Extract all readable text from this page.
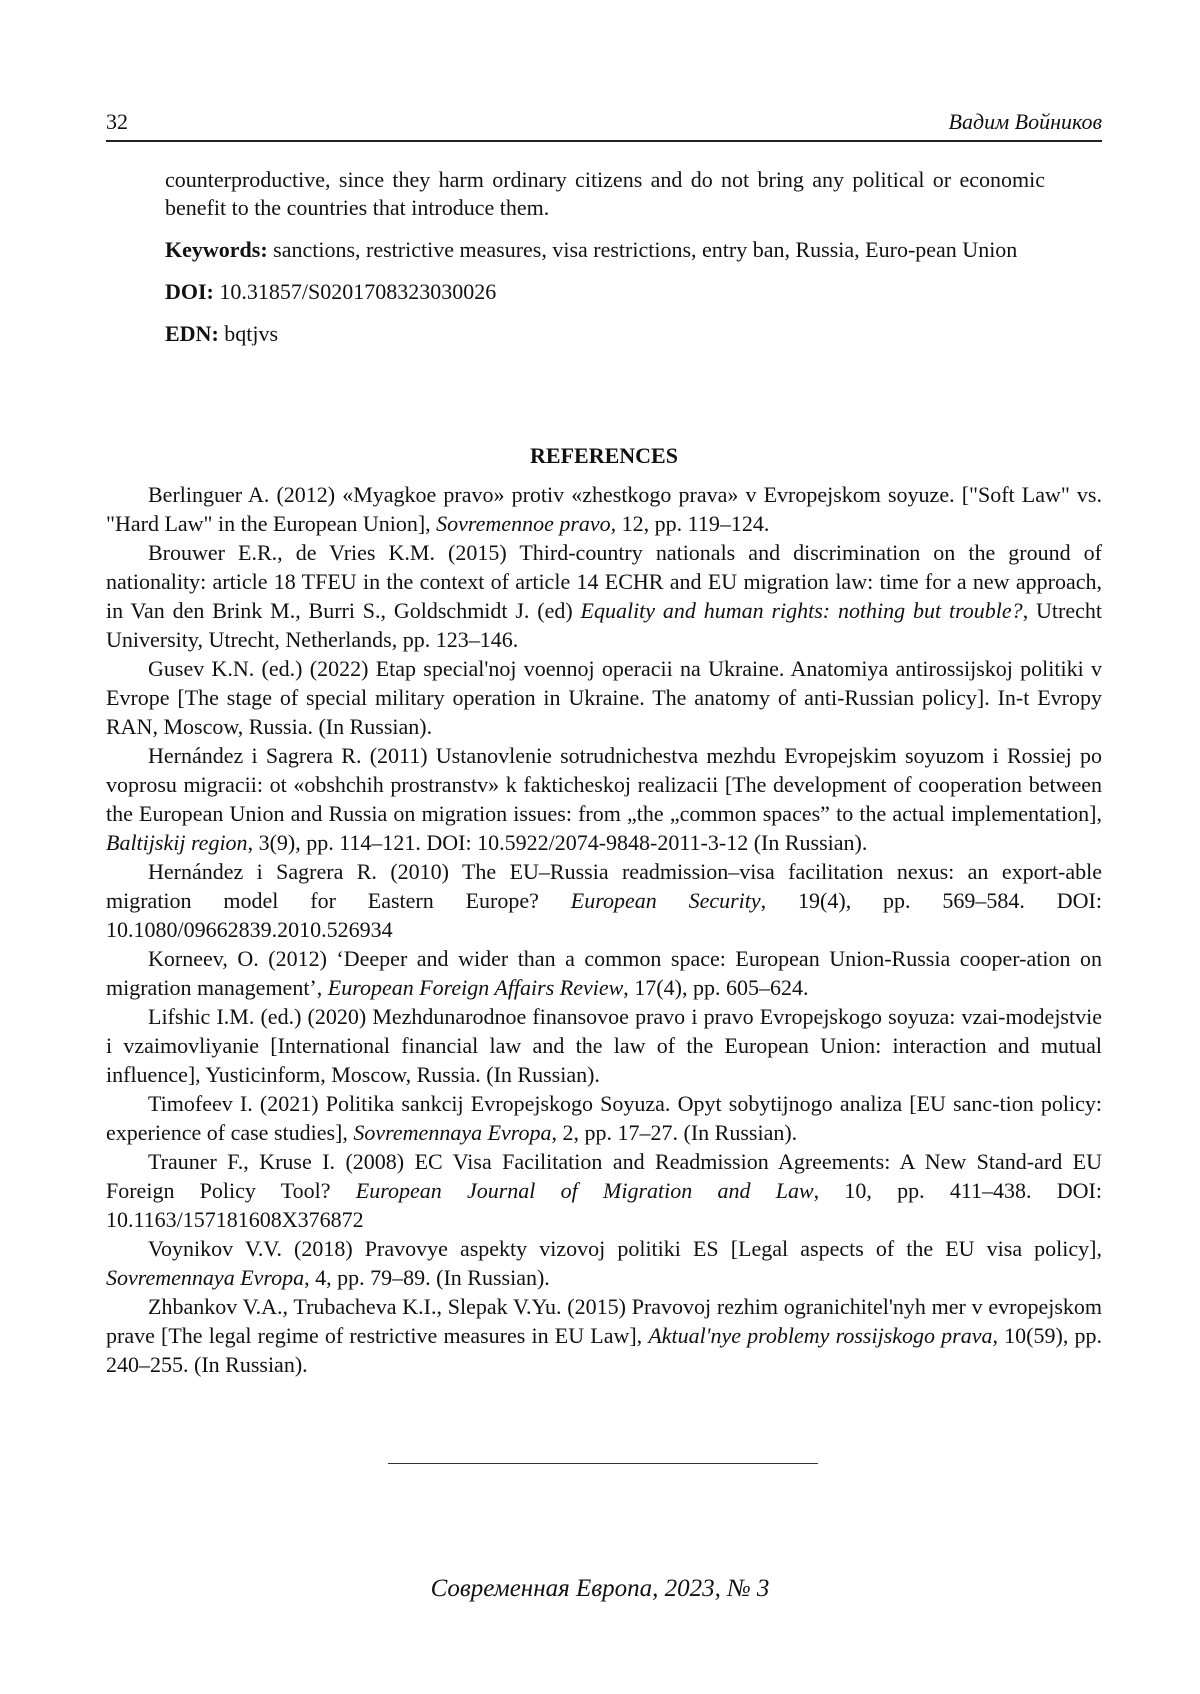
32	Вадим Войников

counterproductive, since they harm ordinary citizens and do not bring any political or economic benefit to the countries that introduce them.

Keywords: sanctions, restrictive measures, visa restrictions, entry ban, Russia, Euro-pean Union

DOI: 10.31857/S0201708323030026

EDN: bqtjvs

REFERENCES

Berlinguer A. (2012) «Myagkoe pravo» protiv «zhestkogo prava» v Evropejskom soyuze. ["Soft Law" vs. "Hard Law" in the European Union], Sovremennoe pravo, 12, pp. 119–124.

Brouwer E.R., de Vries K.M. (2015) Third-country nationals and discrimination on the ground of nationality: article 18 TFEU in the context of article 14 ECHR and EU migration law: time for a new approach, in Van den Brink M., Burri S., Goldschmidt J. (ed) Equality and human rights: nothing but trouble?, Utrecht University, Utrecht, Netherlands, pp. 123–146.

Gusev K.N. (ed.) (2022) Etap special'noj voennoj operacii na Ukraine. Anatomiya antirossijskoj politiki v Evrope [The stage of special military operation in Ukraine. The anatomy of anti-Russian policy]. In-t Evropy RAN, Moscow, Russia. (In Russian).

Hernández i Sagrera R. (2011) Ustanovlenie sotrudnichestva mezhdu Evropejskim soyuzom i Rossiej po voprosu migracii: ot «obshchih prostranstv» k fakticheskoj realizacii [The development of cooperation between the European Union and Russia on migration issues: from „the „common spaces” to the actual implementation], Baltijskij region, 3(9), pp. 114–121. DOI: 10.5922/2074-9848-2011-3-12 (In Russian).

Hernández i Sagrera R. (2010) The EU–Russia readmission–visa facilitation nexus: an export-able migration model for Eastern Europe? European Security, 19(4), pp. 569–584. DOI: 10.1080/09662839.2010.526934

Korneev, O. (2012) ‘Deeper and wider than a common space: European Union-Russia cooper-ation on migration management’, European Foreign Affairs Review, 17(4), pp. 605–624.

Lifshic I.M. (ed.) (2020) Mezhdunarodnoe finansovoe pravo i pravo Evropejskogo soyuza: vzai-modejstvie i vzaimovliyanie [International financial law and the law of the European Union: interaction and mutual influence], Yusticinform, Moscow, Russia. (In Russian).

Timofeev I. (2021) Politika sankcij Evropejskogo Soyuza. Opyt sobytijnogo analiza [EU sanc-tion policy: experience of case studies], Sovremennaya Evropa, 2, pp. 17–27. (In Russian).

Trauner F., Kruse I. (2008) EC Visa Facilitation and Readmission Agreements: A New Stand-ard EU Foreign Policy Tool? European Journal of Migration and Law, 10, pp. 411–438. DOI: 10.1163/157181608X376872

Voynikov V.V. (2018) Pravovye aspekty vizovoj politiki ES [Legal aspects of the EU visa policy], Sovremennaya Evropa, 4, pp. 79–89. (In Russian).

Zhbankov V.A., Trubacheva K.I., Slepak V.Yu. (2015) Pravovoj rezhim ogranichitel'nyh mer v evropejskom prave [The legal regime of restrictive measures in EU Law], Aktual'nye problemy rossijskogo prava, 10(59), pp. 240–255. (In Russian).

Современная Европа, 2023, № 3
